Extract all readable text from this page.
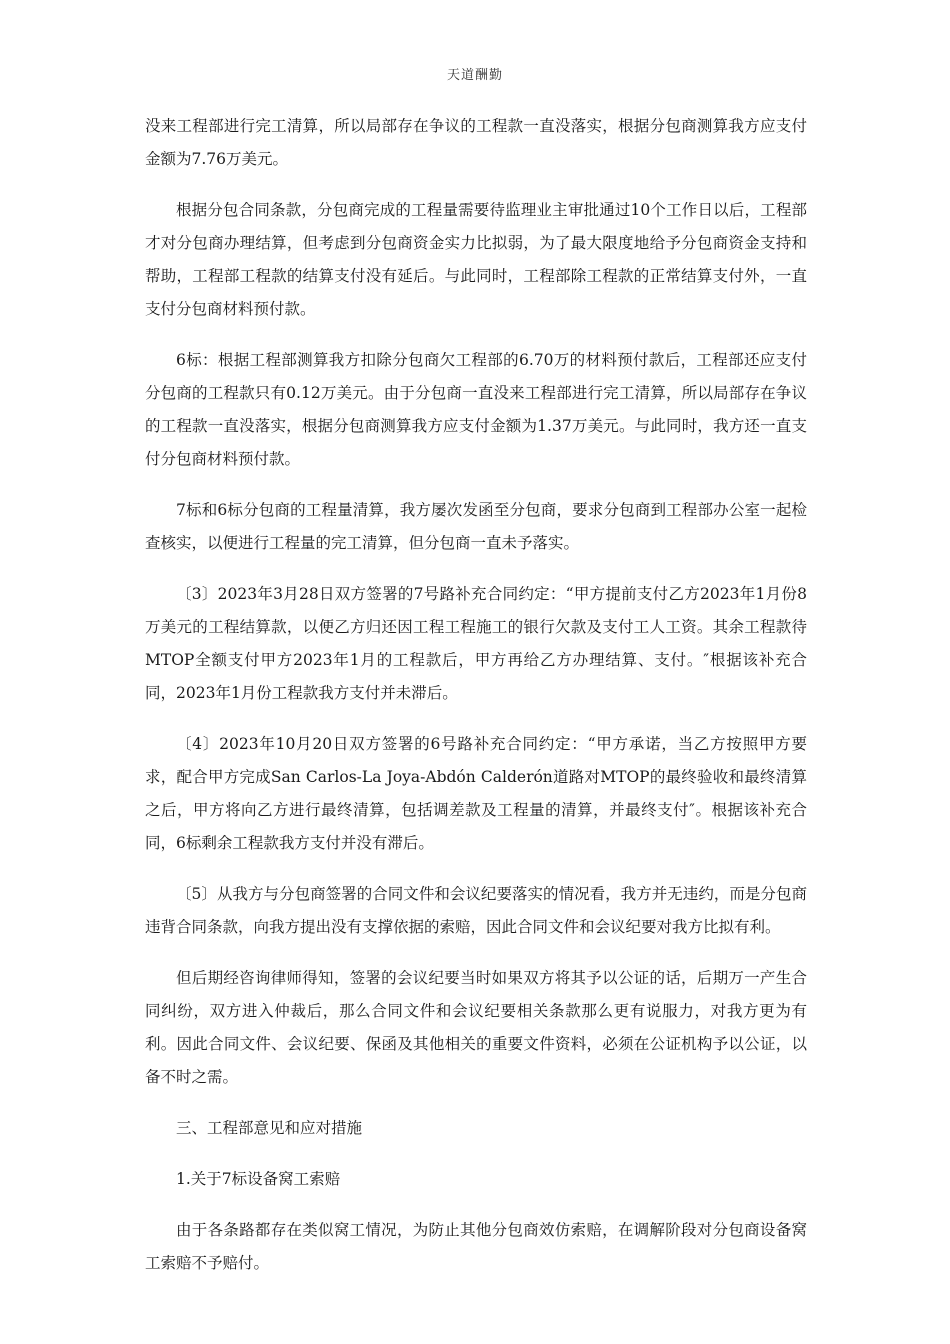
天道酬勤

没来工程部进行完工清算，所以局部存在争议的工程款一直没落实，根据分包商测算我方应支付金额为7.76万美元。

根据分包合同条款，分包商完成的工程量需要待监理业主审批通过10个工作日以后，工程部才对分包商办理结算，但考虑到分包商资金实力比拟弱，为了最大限度地给予分包商资金支持和帮助，工程部工程款的结算支付没有延后。与此同时，工程部除工程款的正常结算支付外，一直支付分包商材料预付款。

6标：根据工程部测算我方扣除分包商欠工程部的6.70万的材料预付款后，工程部还应支付分包商的工程款只有0.12万美元。由于分包商一直没来工程部进行完工清算，所以局部存在争议的工程款一直没落实，根据分包商测算我方应支付金额为1.37万美元。与此同时，我方还一直支付分包商材料预付款。

7标和6标分包商的工程量清算，我方屡次发函至分包商，要求分包商到工程部办公室一起检查核实，以便进行工程量的完工清算，但分包商一直未予落实。

〔3〕2023年3月28日双方签署的7号路补充合同约定：“甲方提前支付乙方2023年1月份8万美元的工程结算款，以便乙方归还因工程工程施工的银行欠款及支付工人工资。其余工程款待MTOP全额支付甲方2023年1月的工程款后，甲方再给乙方办理结算、支付。″根据该补充合同，2023年1月份工程款我方支付并未滞后。

〔4〕2023年10月20日双方签署的6号路补充合同约定：“甲方承诺，当乙方按照甲方要求，配合甲方完成San Carlos-La Joya-Abdón Calderón道路对MTOP的最终验收和最终清算之后，甲方将向乙方进行最终清算，包括调差款及工程量的清算，并最终支付″。根据该补充合同，6标剩余工程款我方支付并没有滞后。

〔5〕从我方与分包商签署的合同文件和会议纪要落实的情况看，我方并无违约，而是分包商违背合同条款，向我方提出没有支撑依据的索赔，因此合同文件和会议纪要对我方比拟有利。

但后期经咨询律师得知，签署的会议纪要当时如果双方将其予以公证的话，后期万一产生合同纠纷，双方进入仲裁后，那么合同文件和会议纪要相关条款那么更有说服力，对我方更为有利。因此合同文件、会议纪要、保函及其他相关的重要文件资料，必须在公证机构予以公证，以备不时之需。

三、工程部意见和应对措施

1.关于7标设备窝工索赔

由于各条路都存在类似窝工情况，为防止其他分包商效仿索赔，在调解阶段对分包商设备窝工索赔不予赔付。
